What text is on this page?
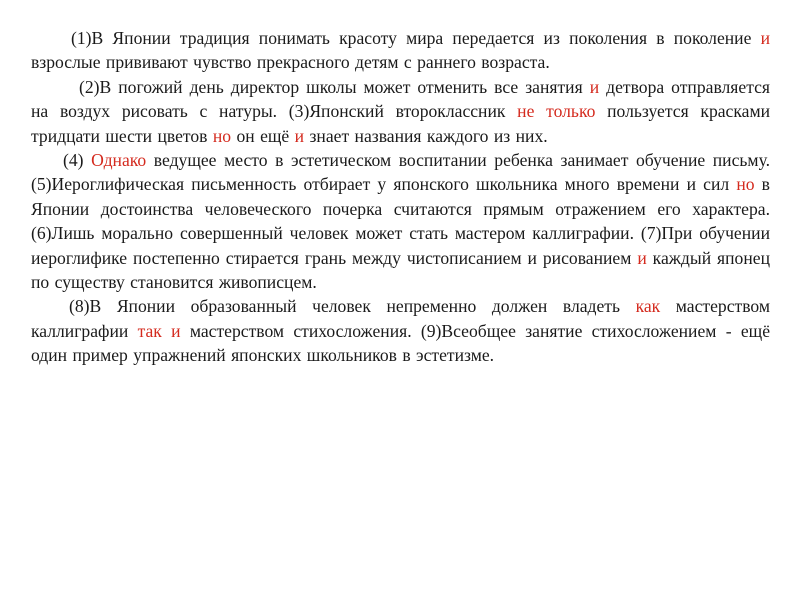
(1)В Японии традиция понимать красоту мира передается из поколения в поколение и взрослые прививают чувство прекрасного детям с раннего возраста.

(2)В погожий день директор школы может отменить все занятия и детвора отправляется на воздух рисовать с натуры. (3)Японский второклассник не только пользуется красками тридцати шести цветов но он ещё и знает названия каждого из них.

(4) Однако ведущее место в эстетическом воспитании ребенка занимает обучение письму. (5)Иероглифическая письменность отбирает у японского школьника много времени и сил но в Японии достоинства человеческого почерка считаются прямым отражением его характера. (6)Лишь морально совершенный человек может стать мастером каллиграфии. (7)При обучении иероглифике постепенно стирается грань между чистописанием и рисованием и каждый японец по существу становится живописцем.

(8)В Японии образованный человек непременно должен владеть как мастерством каллиграфии так и мастерством стихосложения. (9)Всеобщее занятие стихосложением - ещё один пример упражнений японских школьников в эстетизме.
